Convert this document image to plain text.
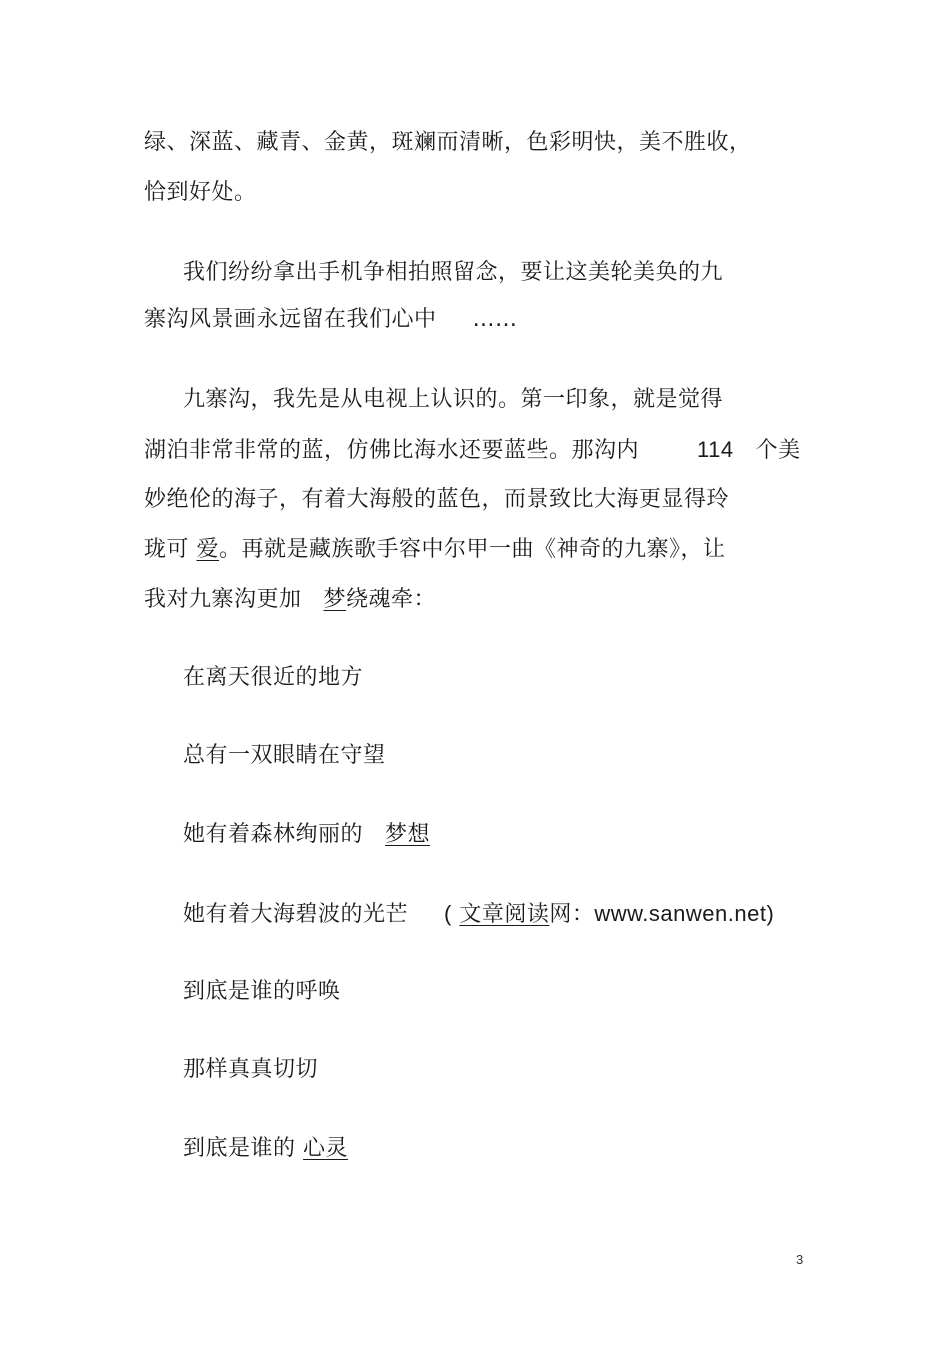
绿、深蓝、藏青、金黄，斑斓而清晰，色彩明快，美不胜收，
恰到好处。
我们纷纷拿出手机争相拍照留念，要让这美轮美奂的九
寨沟风景画永远留在我们心中 ……
九寨沟，我先是从电视上认识的。第一印象，就是觉得
湖泊非常非常的蓝，仿佛比海水还要蓝些。那沟内	114 个美
妙绝伦的海子，有着大海般的蓝色，而景致比大海更显得玲
珑可 爱。再就是藏族歌手容中尔甲一曲《神奇的九寨》，让
我对九寨沟更加 梦绕魂牵：
在离天很近的地方
总有一双眼睛在守望
她有着森林绚丽的 梦想
她有着大海碧波的光芒 ( 文章阅读网：www.sanwen.net)
到底是谁的呼唤
那样真真切切
到底是谁的 心灵
3
